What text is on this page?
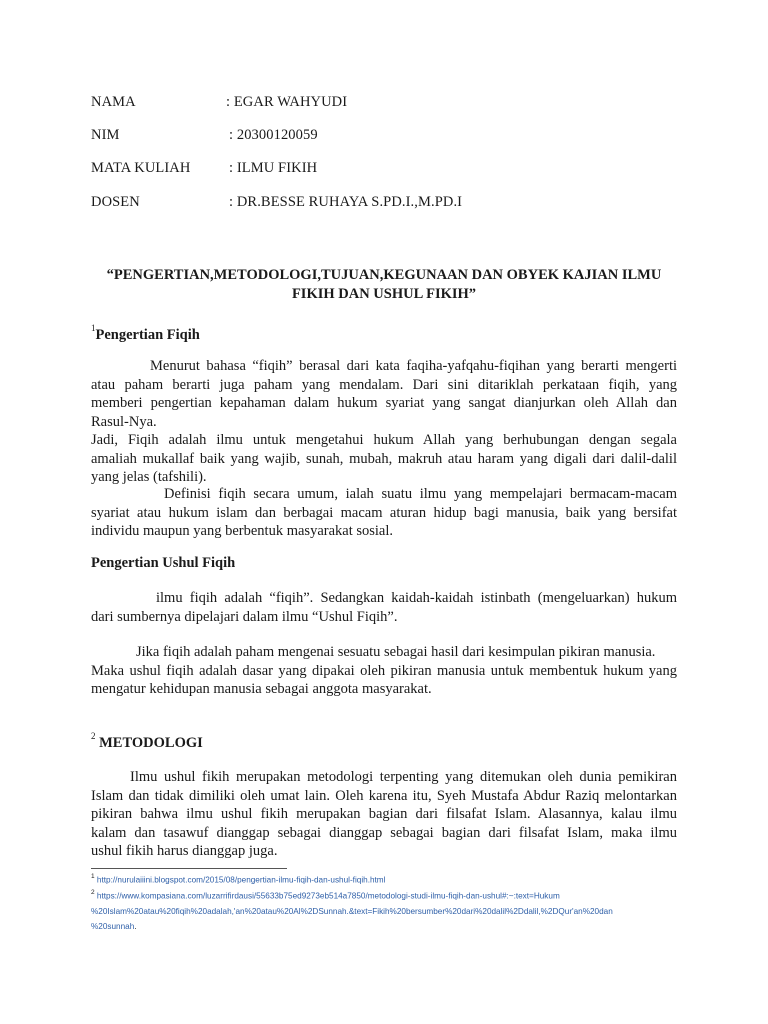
NAMA	: EGAR WAHYUDI
NIM	: 20300120059
MATA KULIAH	: ILMU FIKIH
DOSEN	: DR.BESSE RUHAYA S.PD.I.,M.PD.I
“PENGERTIAN,METODOLOGI,TUJUAN,KEGUNAAN DAN OBYEK KAJIAN ILMU
FIKIH DAN USHUL FIKIH”
$^1$Pengertian Fiqih
Menurut bahasa “fiqih” berasal dari kata faqiha-yafqahu-fiqihan yang berarti mengerti
atau paham berarti juga paham yang mendalam. Dari sini ditariklah perkataan fiqih, yang
memberi pengertian kepahaman dalam hukum syariat yang sangat dianjurkan oleh Allah dan
Rasul-Nya.
Jadi, Fiqih adalah ilmu untuk mengetahui hukum Allah yang berhubungan dengan segala
amaliah mukallaf baik yang wajib, sunah, mubah, makruh atau haram yang digali dari dalil-dalil
yang jelas (tafshili).
Definisi fiqih secara umum, ialah suatu ilmu yang mempelajari bermacam-macam
syariat atau hukum islam dan berbagai macam aturan hidup bagi manusia, baik yang bersifat
individu maupun yang berbentuk masyarakat sosial.
Pengertian Ushul Fiqih
ilmu fiqih adalah “fiqih”. Sedangkan kaidah-kaidah istinbath (mengeluarkan) hukum
dari sumbernya dipelajari dalam ilmu “Ushul Fiqih”.
Jika fiqih adalah paham mengenai sesuatu sebagai hasil dari kesimpulan pikiran manusia.
Maka ushul fiqih adalah dasar yang dipakai oleh pikiran manusia untuk membentuk hukum yang
mengatur kehidupan manusia sebagai anggota masyarakat.
$^2$ METODOLOGI
Ilmu ushul fikih merupakan metodologi terpenting yang ditemukan oleh dunia pemikiran
Islam dan tidak dimiliki oleh umat lain. Oleh karena itu, Syeh Mustafa Abdur Raziq melontarkan
pikiran bahwa ilmu ushul fikih merupakan bagian dari filsafat Islam. Alasannya, kalau ilmu
kalam dan tasawuf dianggap sebagai dianggap sebagai bagian dari filsafat Islam, maka ilmu
ushul fikih harus dianggap juga.
$^1$ http://nurulaiiini.blogspot.com/2015/08/pengertian-ilmu-fiqih-dan-ushul-fiqih.html
$^2$ https://www.kompasiana.com/luzarrifirdausi/55633b75ed9273eb514a7850/metodologi-studi-ilmu-fiqih-dan-ushul#:~:text=Hukum
%20Islam%20atau%20fiqih%20adalah,'an%20atau%20Al%2DSunnah.&text=Fikih%20bersumber%20dari%20dalil%2Ddalil,%2DQur'an%20dan
%20sunnah.
